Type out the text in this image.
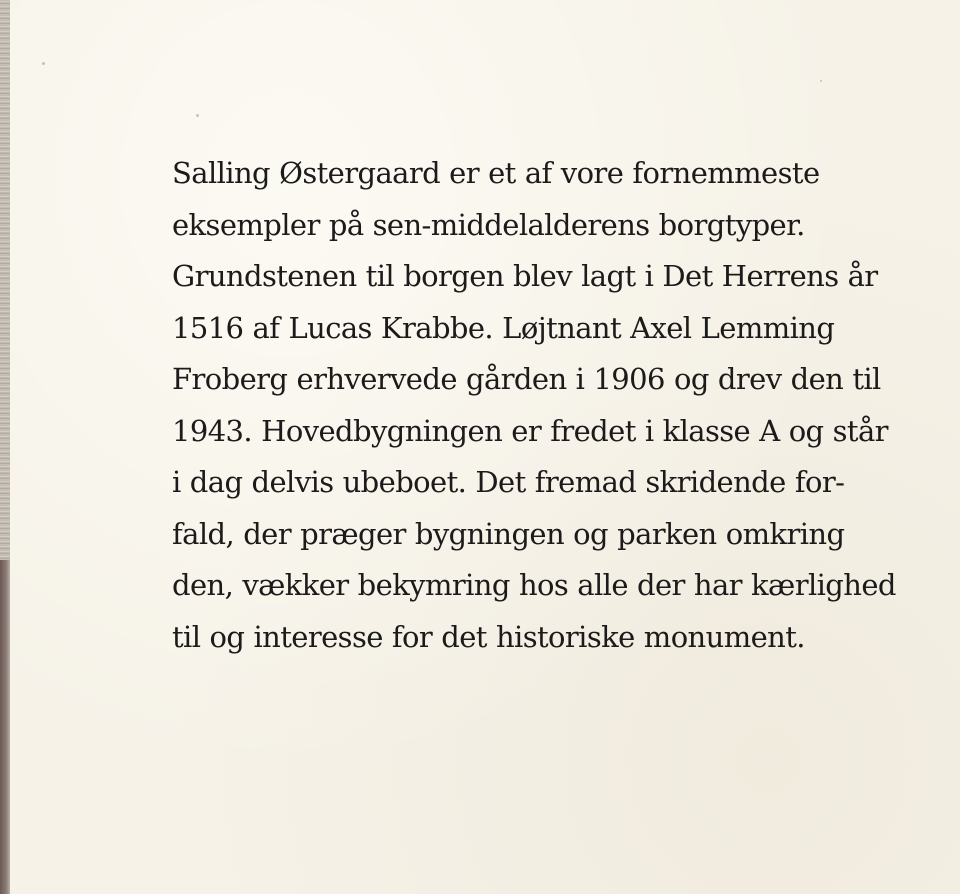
Salling Østergaard er et af vore fornemmeste
eksempler på sen-middelalderens borgtyper.
Grundstenen til borgen blev lagt i Det Herrens år
1516 af Lucas Krabbe. Løjtnant Axel Lemming
Froberg erhvervede gården i 1906 og drev den til
1943. Hovedbygningen er fredet i klasse A og står
i dag delvis ubeboet. Det fremad skridende for-
fald, der præger bygningen og parken omkring
den, vækker bekymring hos alle der har kærlighed
til og interesse for det historiske monument.
